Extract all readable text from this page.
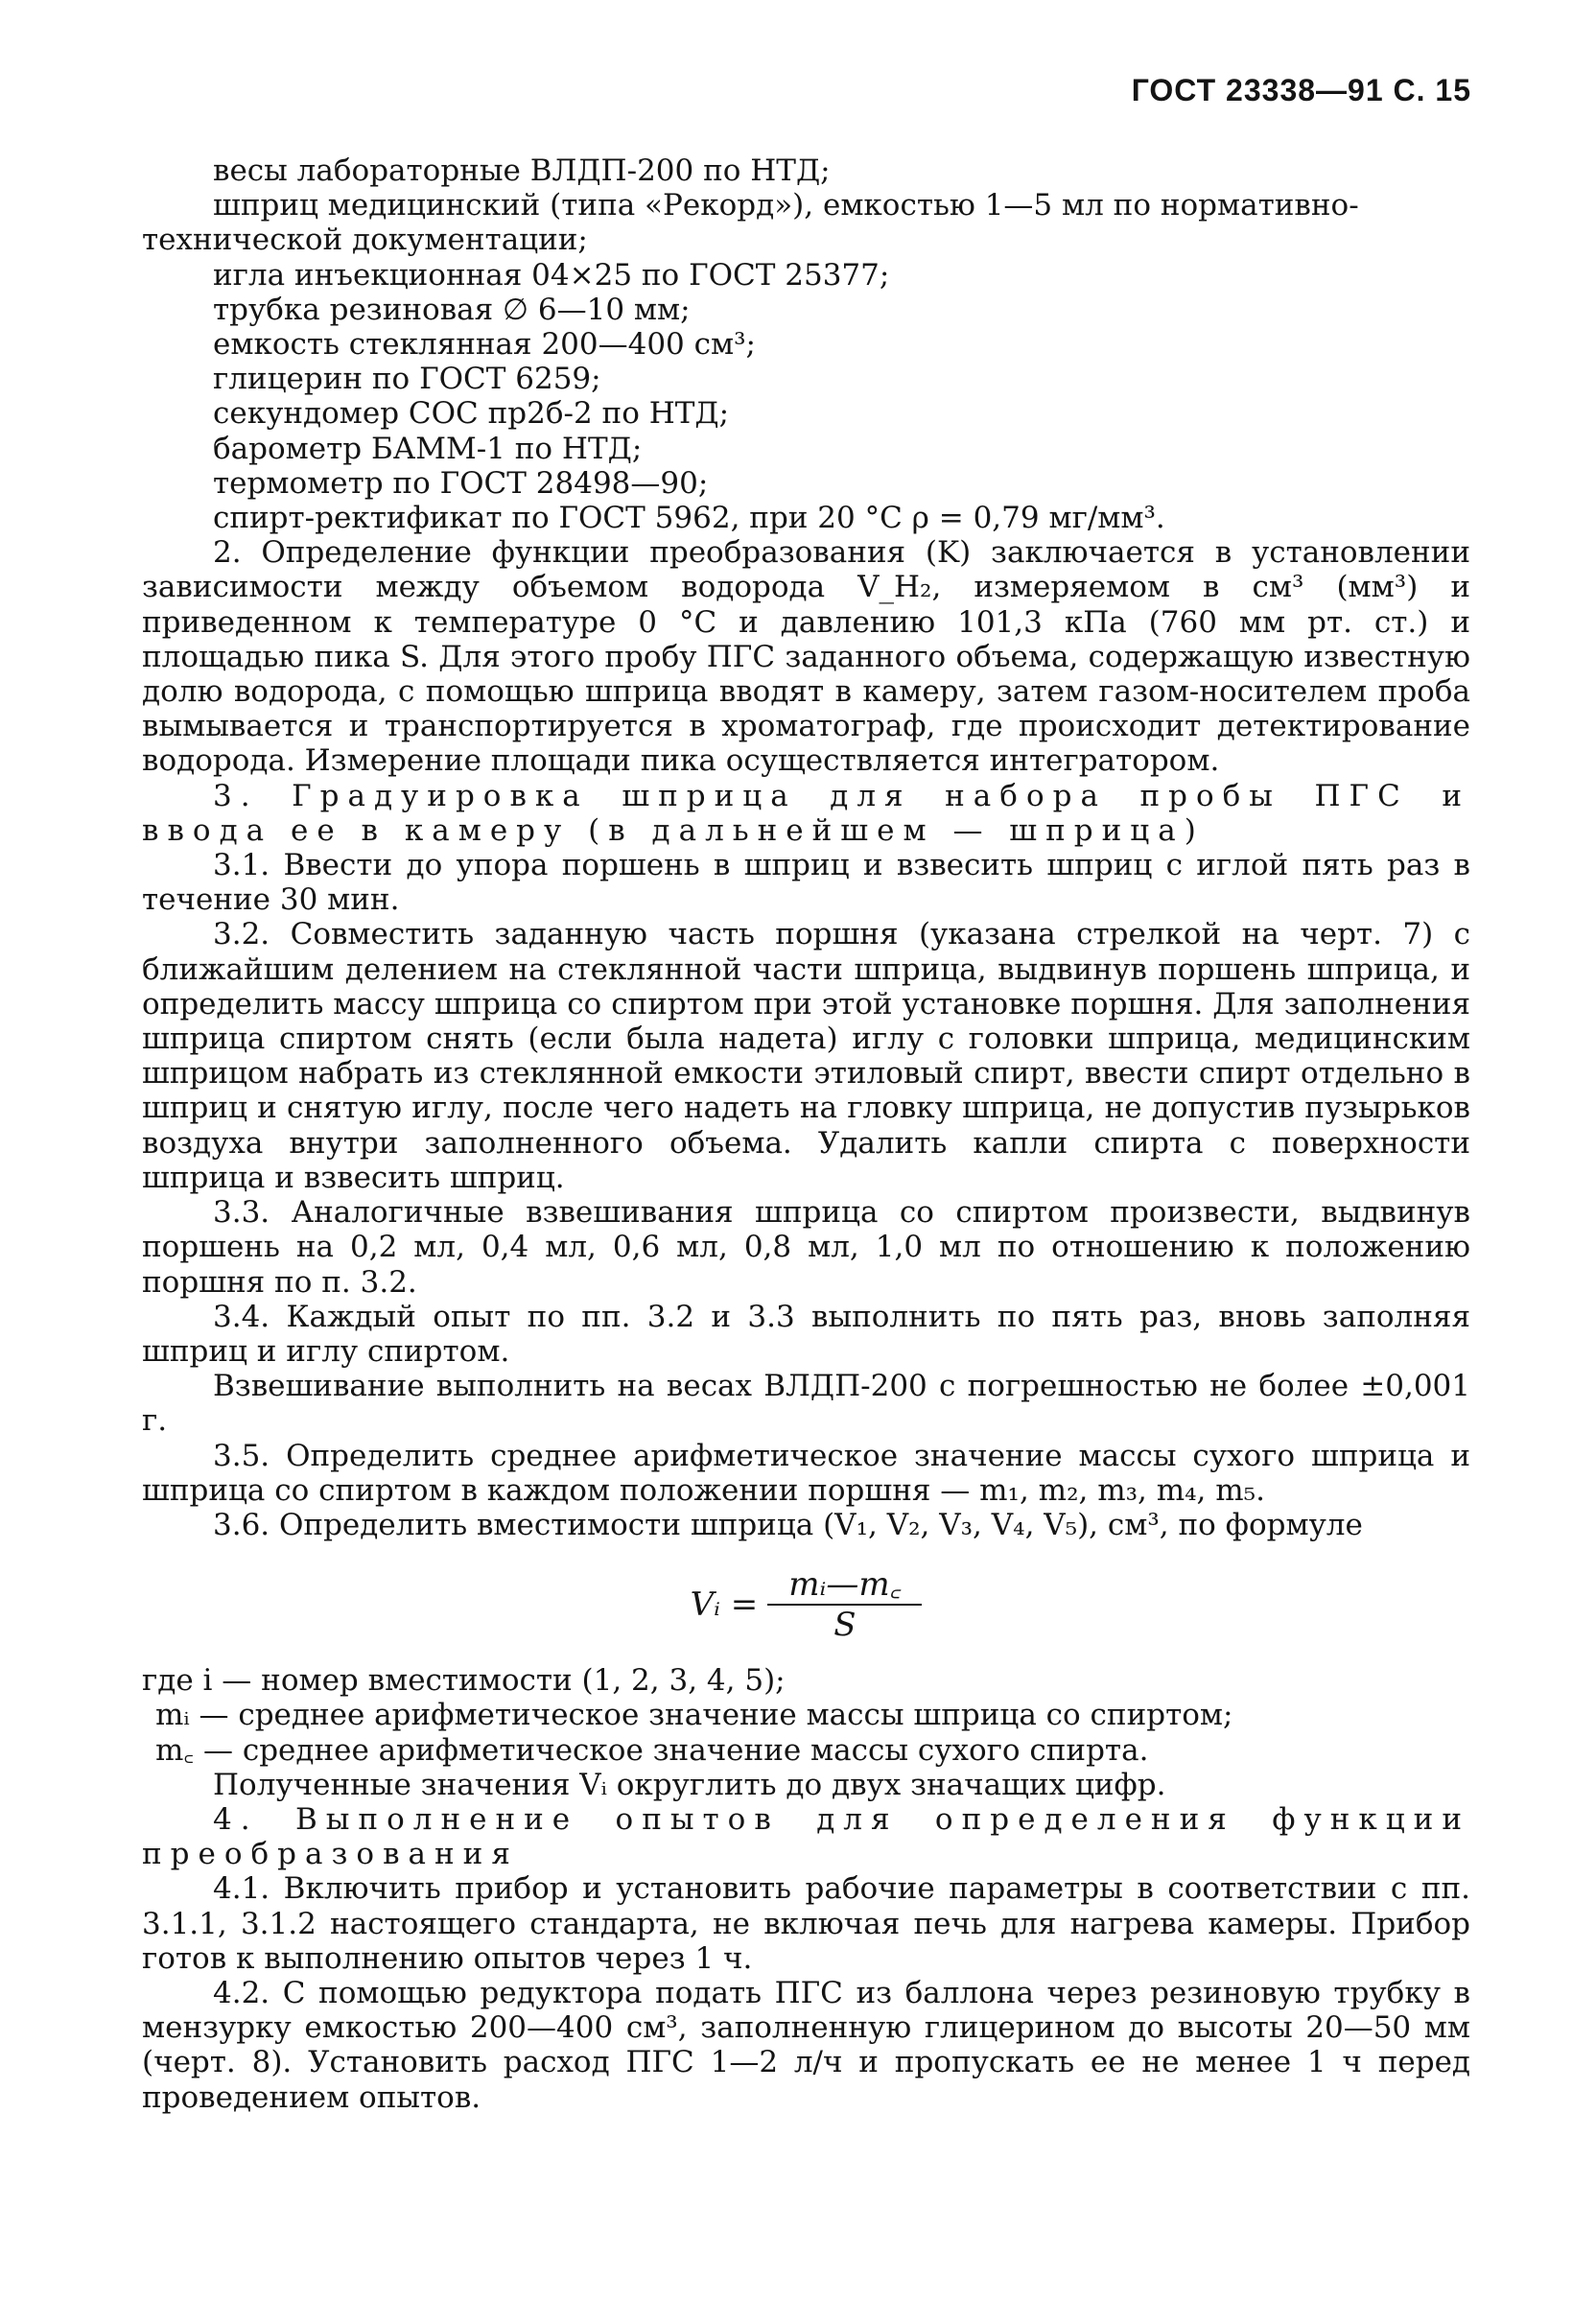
ГОСТ 23338—91 С. 15

весы лабораторные ВЛДП-200 по НТД;

шприц медицинский (типа «Рекорд»), емкостью 1—5 мл по нормативно-

технической документации;

игла инъекционная 04×25 по ГОСТ 25377;

трубка резиновая ∅ 6—10 мм;

емкость стеклянная 200—400 см³;

глицерин по ГОСТ 6259;

секундомер СОС пр2б-2 по НТД;

барометр БАММ-1 по НТД;

термометр по ГОСТ 28498—90;

спирт-ректификат по ГОСТ 5962, при 20 °С ρ = 0,79 мг/мм³.

2. Определение функции преобразования (K) заключается в установлении зависимости между объемом водорода V_H₂, измеряемом в см³ (мм³) и приведенном к температуре 0 °С и давлению 101,3 кПа (760 мм рт. ст.) и площадью пика S. Для этого пробу ПГС заданного объема, содержащую известную долю водорода, с помощью шприца вводят в камеру, затем газом-носителем проба вымывается и транспортируется в хроматограф, где происходит детектирование водорода. Измерение площади пика осуществляется интегратором.

3. Градуировка шприца для набора пробы ПГС и ввода ее в камеру (в дальнейшем — шприца)

3.1. Ввести до упора поршень в шприц и взвесить шприц с иглой пять раз в течение 30 мин.

3.2. Совместить заданную часть поршня (указана стрелкой на черт. 7) с ближайшим делением на стеклянной части шприца, выдвинув поршень шприца, и определить массу шприца со спиртом при этой установке поршня. Для заполнения шприца спиртом снять (если была надета) иглу с головки шприца, медицинским шприцом набрать из стеклянной емкости этиловый спирт, ввести спирт отдельно в шприц и снятую иглу, после чего надеть на гловку шприца, не допустив пузырьков воздуха внутри заполненного объема. Удалить капли спирта с поверхности шприца и взвесить шприц.

3.3. Аналогичные взвешивания шприца со спиртом произвести, выдвинув поршень на 0,2 мл, 0,4 мл, 0,6 мл, 0,8 мл, 1,0 мл по отношению к положению поршня по п. 3.2.

3.4. Каждый опыт по пп. 3.2 и 3.3 выполнить по пять раз, вновь заполняя шприц и иглу спиртом.

Взвешивание выполнить на весах ВЛДП-200 с погрешностью не более ±0,001 г.

3.5. Определить среднее арифметическое значение массы сухого шприца и шприца со спиртом в каждом положении поршня — m₁, m₂, m₃, m₄, m₅.

3.6. Определить вместимости шприца (V₁, V₂, V₃, V₄, V₅), см³, по формуле

Vᵢ = $\frac{\text{mᵢ—m꜀}}{S}$

где i — номер вместимости (1, 2, 3, 4, 5);

mᵢ — среднее арифметическое значение массы шприца со спиртом;

m꜀ — среднее арифметическое значение массы сухого спирта.

Полученные значения Vᵢ округлить до двух значащих цифр.

4. Выполнение опытов для определения функции преобразования

4.1. Включить прибор и установить рабочие параметры в соответствии с пп. 3.1.1, 3.1.2 настоящего стандарта, не включая печь для нагрева камеры. Прибор готов к выполнению опытов через 1 ч.

4.2. С помощью редуктора подать ПГС из баллона через резиновую трубку в мензурку емкостью 200—400 см³, заполненную глицерином до высоты 20—50 мм (черт. 8). Установить расход ПГС 1—2 л/ч и пропускать ее не менее 1 ч перед проведением опытов.
